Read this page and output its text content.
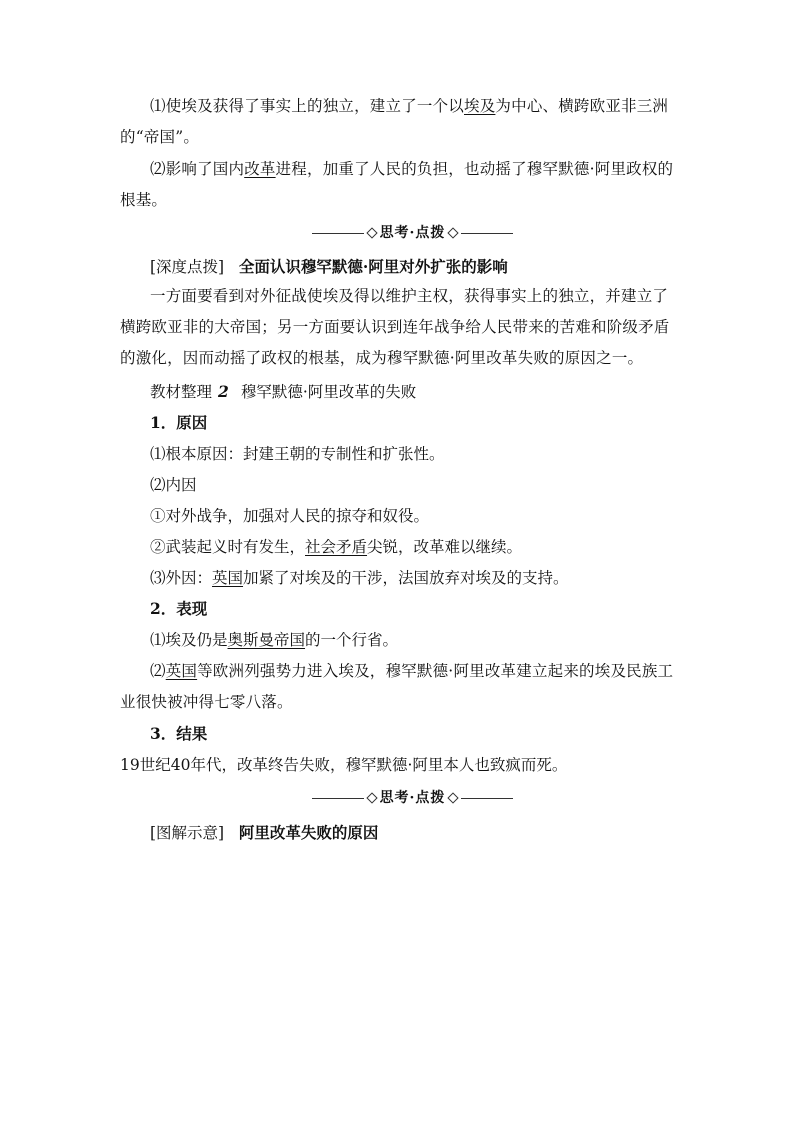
⑴使埃及获得了事实上的独立，建立了一个以埃及为中心、横跨欧亚非三洲的“帝国”。
⑵影响了国内改革进程，加重了人民的负担，也动摇了穆罕默德·阿里政权的根基。
思考·点拨
[深度点拨] 全面认识穆罕默德·阿里对外扩张的影响
一方面要看到对外征战使埃及得以维护主权，获得事实上的独立，并建立了横跨欧亚非的大帝国；另一方面要认识到连年战争给人民带来的苦难和阶级矛盾的激化，因而动摇了政权的根基，成为穆罕默德·阿里改革失败的原因之一。
教材整理 2 穆罕默德·阿里改革的失败
1．原因
⑴根本原因：封建王朝的专制性和扩张性。
⑵内因
①对外战争，加强对人民的掠夺和奴役。
②武装起义时有发生，社会矛盾尖锐，改革难以继续。
⑶外因：英国加紧了对埃及的干涉，法国放弃对埃及的支持。
2．表现
⑴埃及仍是奥斯曼帝国的一个行省。
⑵英国等欧洲列强势力进入埃及，穆罕默德·阿里改革建立起来的埃及民族工业很快被冲得七零八落。
3．结果
19世纪40年代，改革终告失败，穆罕默德·阿里本人也致疯而死。
思考·点拨
[图解示意] 阿里改革失败的原因
